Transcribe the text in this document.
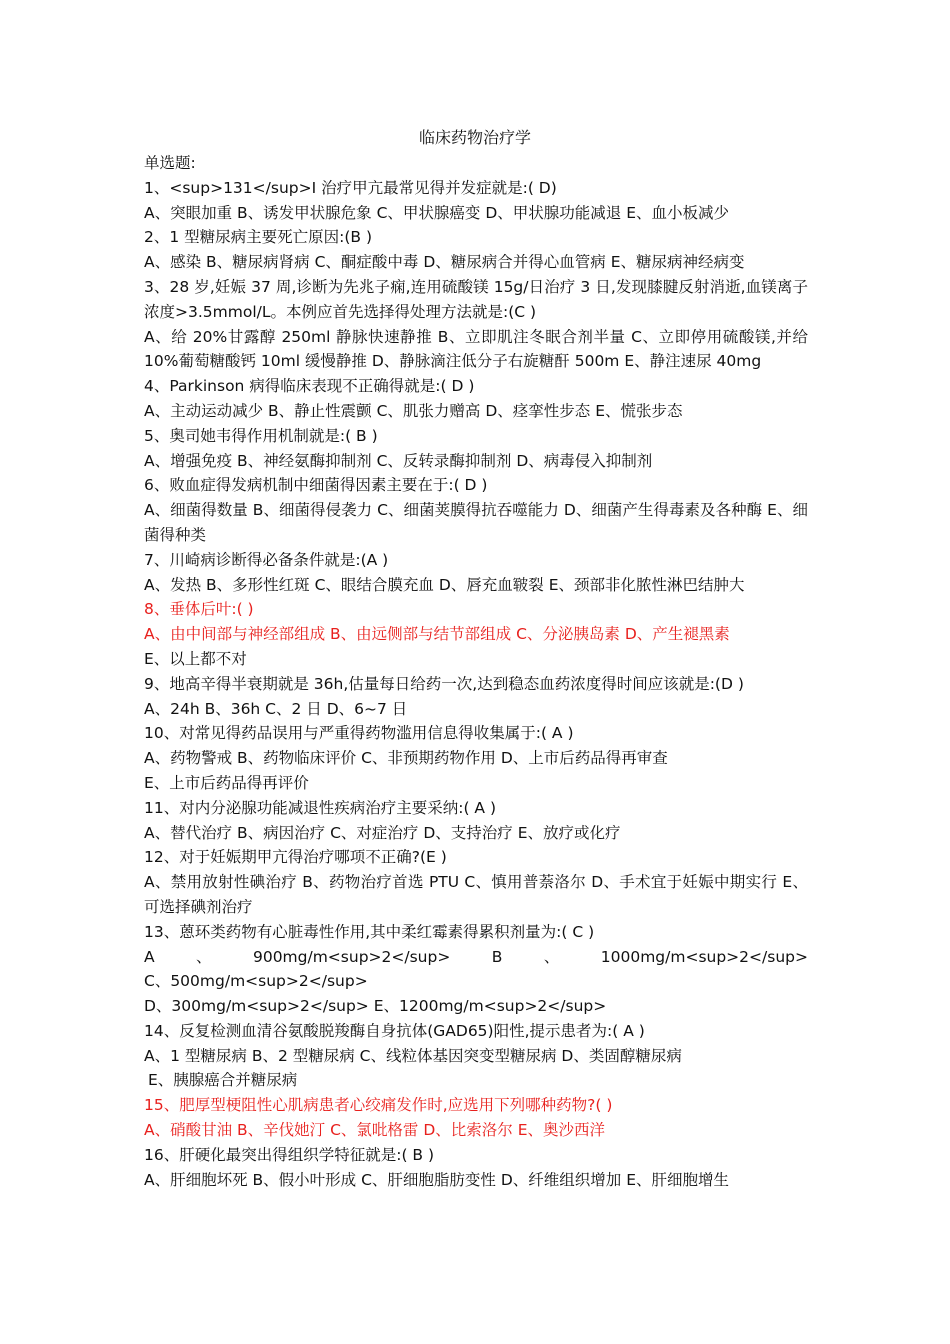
临床药物治疗学
单选题:
1、<sup>131</sup>I 治疗甲亢最常见得并发症就是:( D)
A、突眼加重 B、诱发甲状腺危象 C、甲状腺癌变 D、甲状腺功能减退 E、血小板减少
2、1 型糖尿病主要死亡原因:(B )
A、感染 B、糖尿病肾病 C、酮症酸中毒 D、糖尿病合并得心血管病 E、糖尿病神经病变
3、28 岁,妊娠 37 周,诊断为先兆子痫,连用硫酸镁 15g/日治疗 3 日,发现膝腱反射消逝,血镁离子浓度>3.5mmol/L。本例应首先选择得处理方法就是:(C )
A、给 20%甘露醇 250ml 静脉快速静推 B、立即肌注冬眠合剂半量 C、立即停用硫酸镁,并给 10%葡萄糖酸钙 10ml 缓慢静推 D、静脉滴注低分子右旋糖酐 500m E、静注速尿 40mg
4、Parkinson 病得临床表现不正确得就是:( D )
A、主动运动减少 B、静止性震颤 C、肌张力赠高 D、痉挛性步态 E、慌张步态
5、奥司她韦得作用机制就是:( B )
A、增强免疫 B、神经氨酶抑制剂 C、反转录酶抑制剂 D、病毒侵入抑制剂
6、败血症得发病机制中细菌得因素主要在于:( D )
A、细菌得数量 B、细菌得侵袭力 C、细菌荚膜得抗吞噬能力 D、细菌产生得毒素及各种酶 E、细菌得种类
7、川崎病诊断得必备条件就是:(A )
A、发热 B、多形性红斑 C、眼结合膜充血 D、唇充血皲裂 E、颈部非化脓性淋巴结肿大
8、垂体后叶:( )
A、由中间部与神经部组成 B、由远侧部与结节部组成 C、分泌胰岛素 D、产生褪黑素
E、以上都不对
9、地高辛得半衰期就是 36h,估量每日给药一次,达到稳态血药浓度得时间应该就是:(D )
A、24h B、36h C、2 日 D、6~7 日
10、对常见得药品误用与严重得药物滥用信息得收集属于:( A )
A、药物警戒 B、药物临床评价 C、非预期药物作用 D、上市后药品得再审查
E、上市后药品得再评价
11、对内分泌腺功能减退性疾病治疗主要采纳:( A )
A、替代治疗 B、病因治疗 C、对症治疗 D、支持治疗 E、放疗或化疗
12、对于妊娠期甲亢得治疗哪项不正确?(E )
A、禁用放射性碘治疗 B、药物治疗首选 PTU C、慎用普萘洛尔 D、手术宜于妊娠中期实行 E、可选择碘剂治疗
13、蒽环类药物有心脏毒性作用,其中柔红霉素得累积剂量为:( C )
A	、	900mg/m<sup>2</sup>	B	、	1000mg/m<sup>2</sup>
C、500mg/m<sup>2</sup>
D、300mg/m<sup>2</sup> E、1200mg/m<sup>2</sup>
14、反复检测血清谷氨酸脱羧酶自身抗体(GAD65)阳性,提示患者为:( A )
A、1 型糖尿病 B、2 型糖尿病 C、线粒体基因突变型糖尿病 D、类固醇糖尿病
E、胰腺癌合并糖尿病
15、肥厚型梗阻性心肌病患者心绞痛发作时,应选用下列哪种药物?( )
A、硝酸甘油 B、辛伐她汀 C、氯吡格雷 D、比索洛尔 E、奥沙西洋
16、肝硬化最突出得组织学特征就是:( B )
A、肝细胞坏死 B、假小叶形成 C、肝细胞脂肪变性 D、纤维组织增加 E、肝细胞增生
